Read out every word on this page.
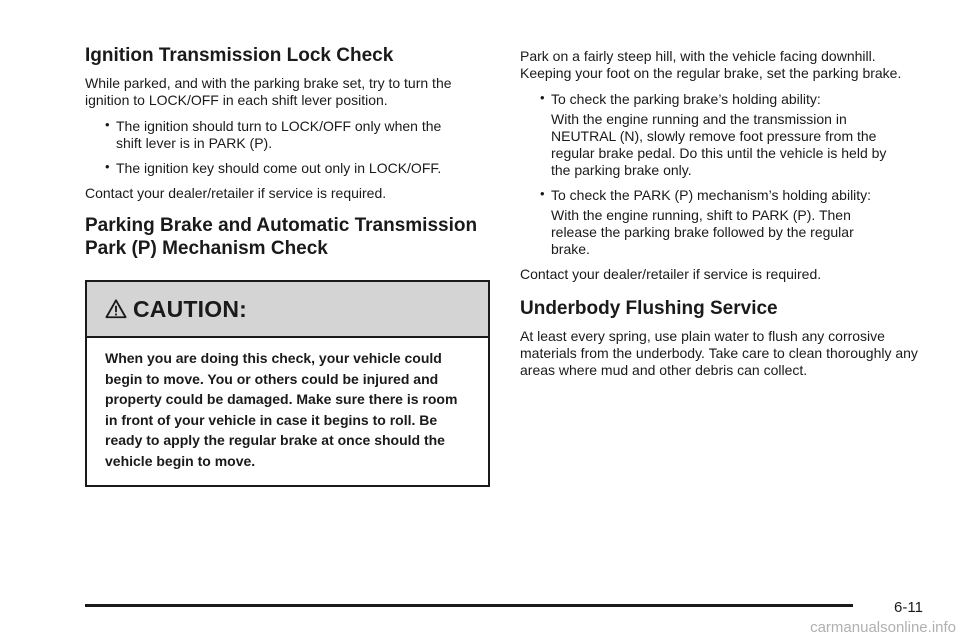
Ignition Transmission Lock Check

While parked, and with the parking brake set, try to turn the ignition to LOCK/OFF in each shift lever position.

• The ignition should turn to LOCK/OFF only when the shift lever is in PARK (P).
• The ignition key should come out only in LOCK/OFF.

Contact your dealer/retailer if service is required.

Parking Brake and Automatic Transmission Park (P) Mechanism Check
CAUTION:
When you are doing this check, your vehicle could begin to move. You or others could be injured and property could be damaged. Make sure there is room in front of your vehicle in case it begins to roll. Be ready to apply the regular brake at once should the vehicle begin to move.

Park on a fairly steep hill, with the vehicle facing downhill. Keeping your foot on the regular brake, set the parking brake.

• To check the parking brake’s holding ability:
With the engine running and the transmission in NEUTRAL (N), slowly remove foot pressure from the regular brake pedal. Do this until the vehicle is held by the parking brake only.
• To check the PARK (P) mechanism’s holding ability:
With the engine running, shift to PARK (P). Then release the parking brake followed by the regular brake.

Contact your dealer/retailer if service is required.

Underbody Flushing Service

At least every spring, use plain water to flush any corrosive materials from the underbody. Take care to clean thoroughly any areas where mud and other debris can collect.

6-11
carmanualsonline.info
